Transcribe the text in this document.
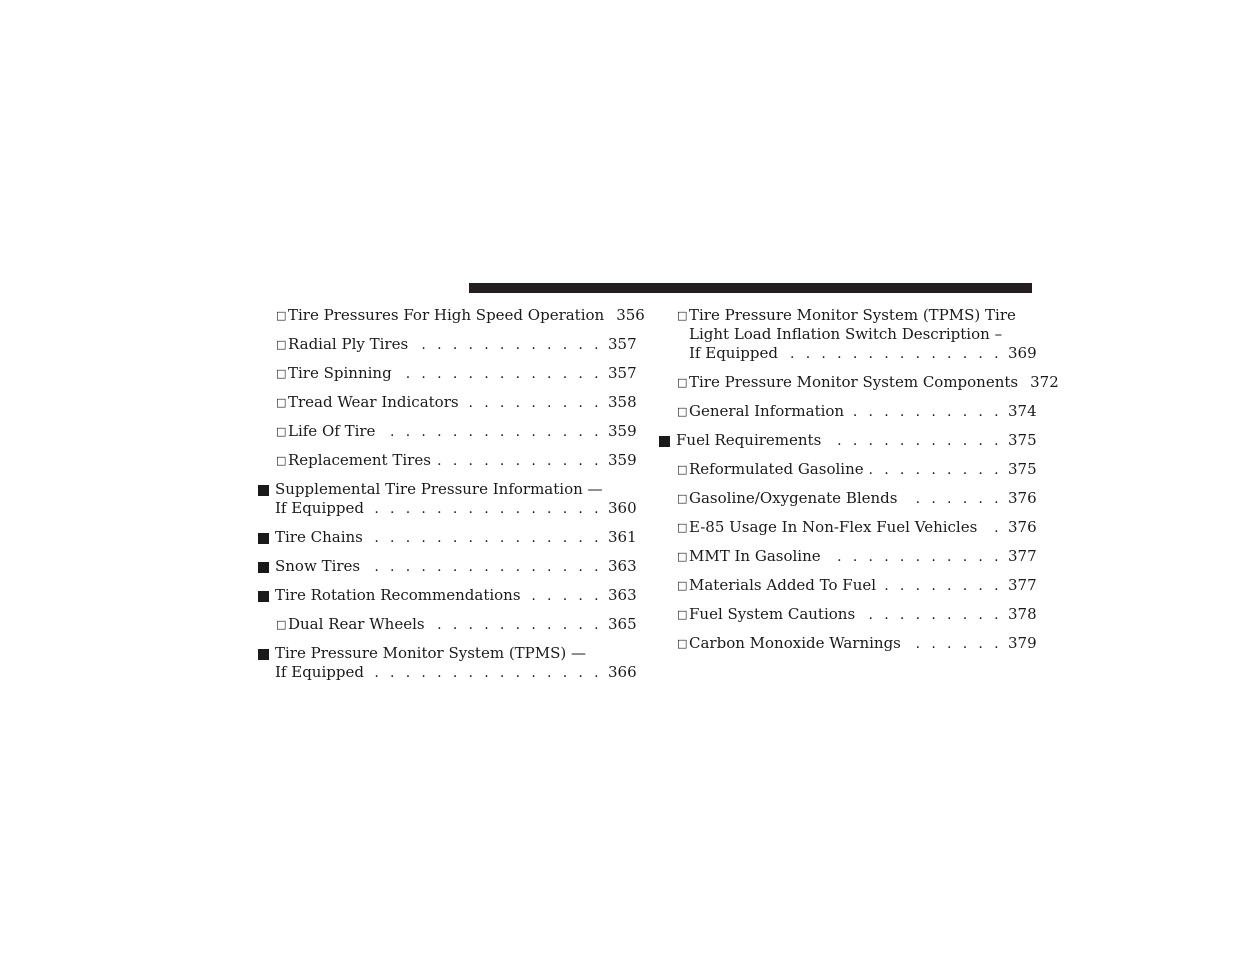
□ Tire Pressures For High Speed Operation 356
□ Radial Ply Tires . . .	357
□ Tire Spinning . . .	357
□ Tread Wear Indicators . . .	358
□ Life Of Tire . . .	359
□ Replacement Tires . . .	359
Supplemental Tire Pressure Information —
If Equipped . . .	360
Tire Chains . . .	361
Snow Tires . . .	363
Tire Rotation Recommendations . . .	363
□ Dual Rear Wheels . . .	365
Tire Pressure Monitor System (TPMS) —
If Equipped . . .	366
□ Tire Pressure Monitor System (TPMS) Tire
Light Load Inflation Switch Description –
If Equipped . . .	369
□ Tire Pressure Monitor System Components 372
□ General Information . . .	374
Fuel Requirements . . .	375
□ Reformulated Gasoline . . .	375
□ Gasoline/Oxygenate Blends . . .	376
□ E-85 Usage In Non-Flex Fuel Vehicles . . . 376
□ MMT In Gasoline . . .	377
□ Materials Added To Fuel . . .	377
□ Fuel System Cautions . . .	378
□ Carbon Monoxide Warnings . . .	379
